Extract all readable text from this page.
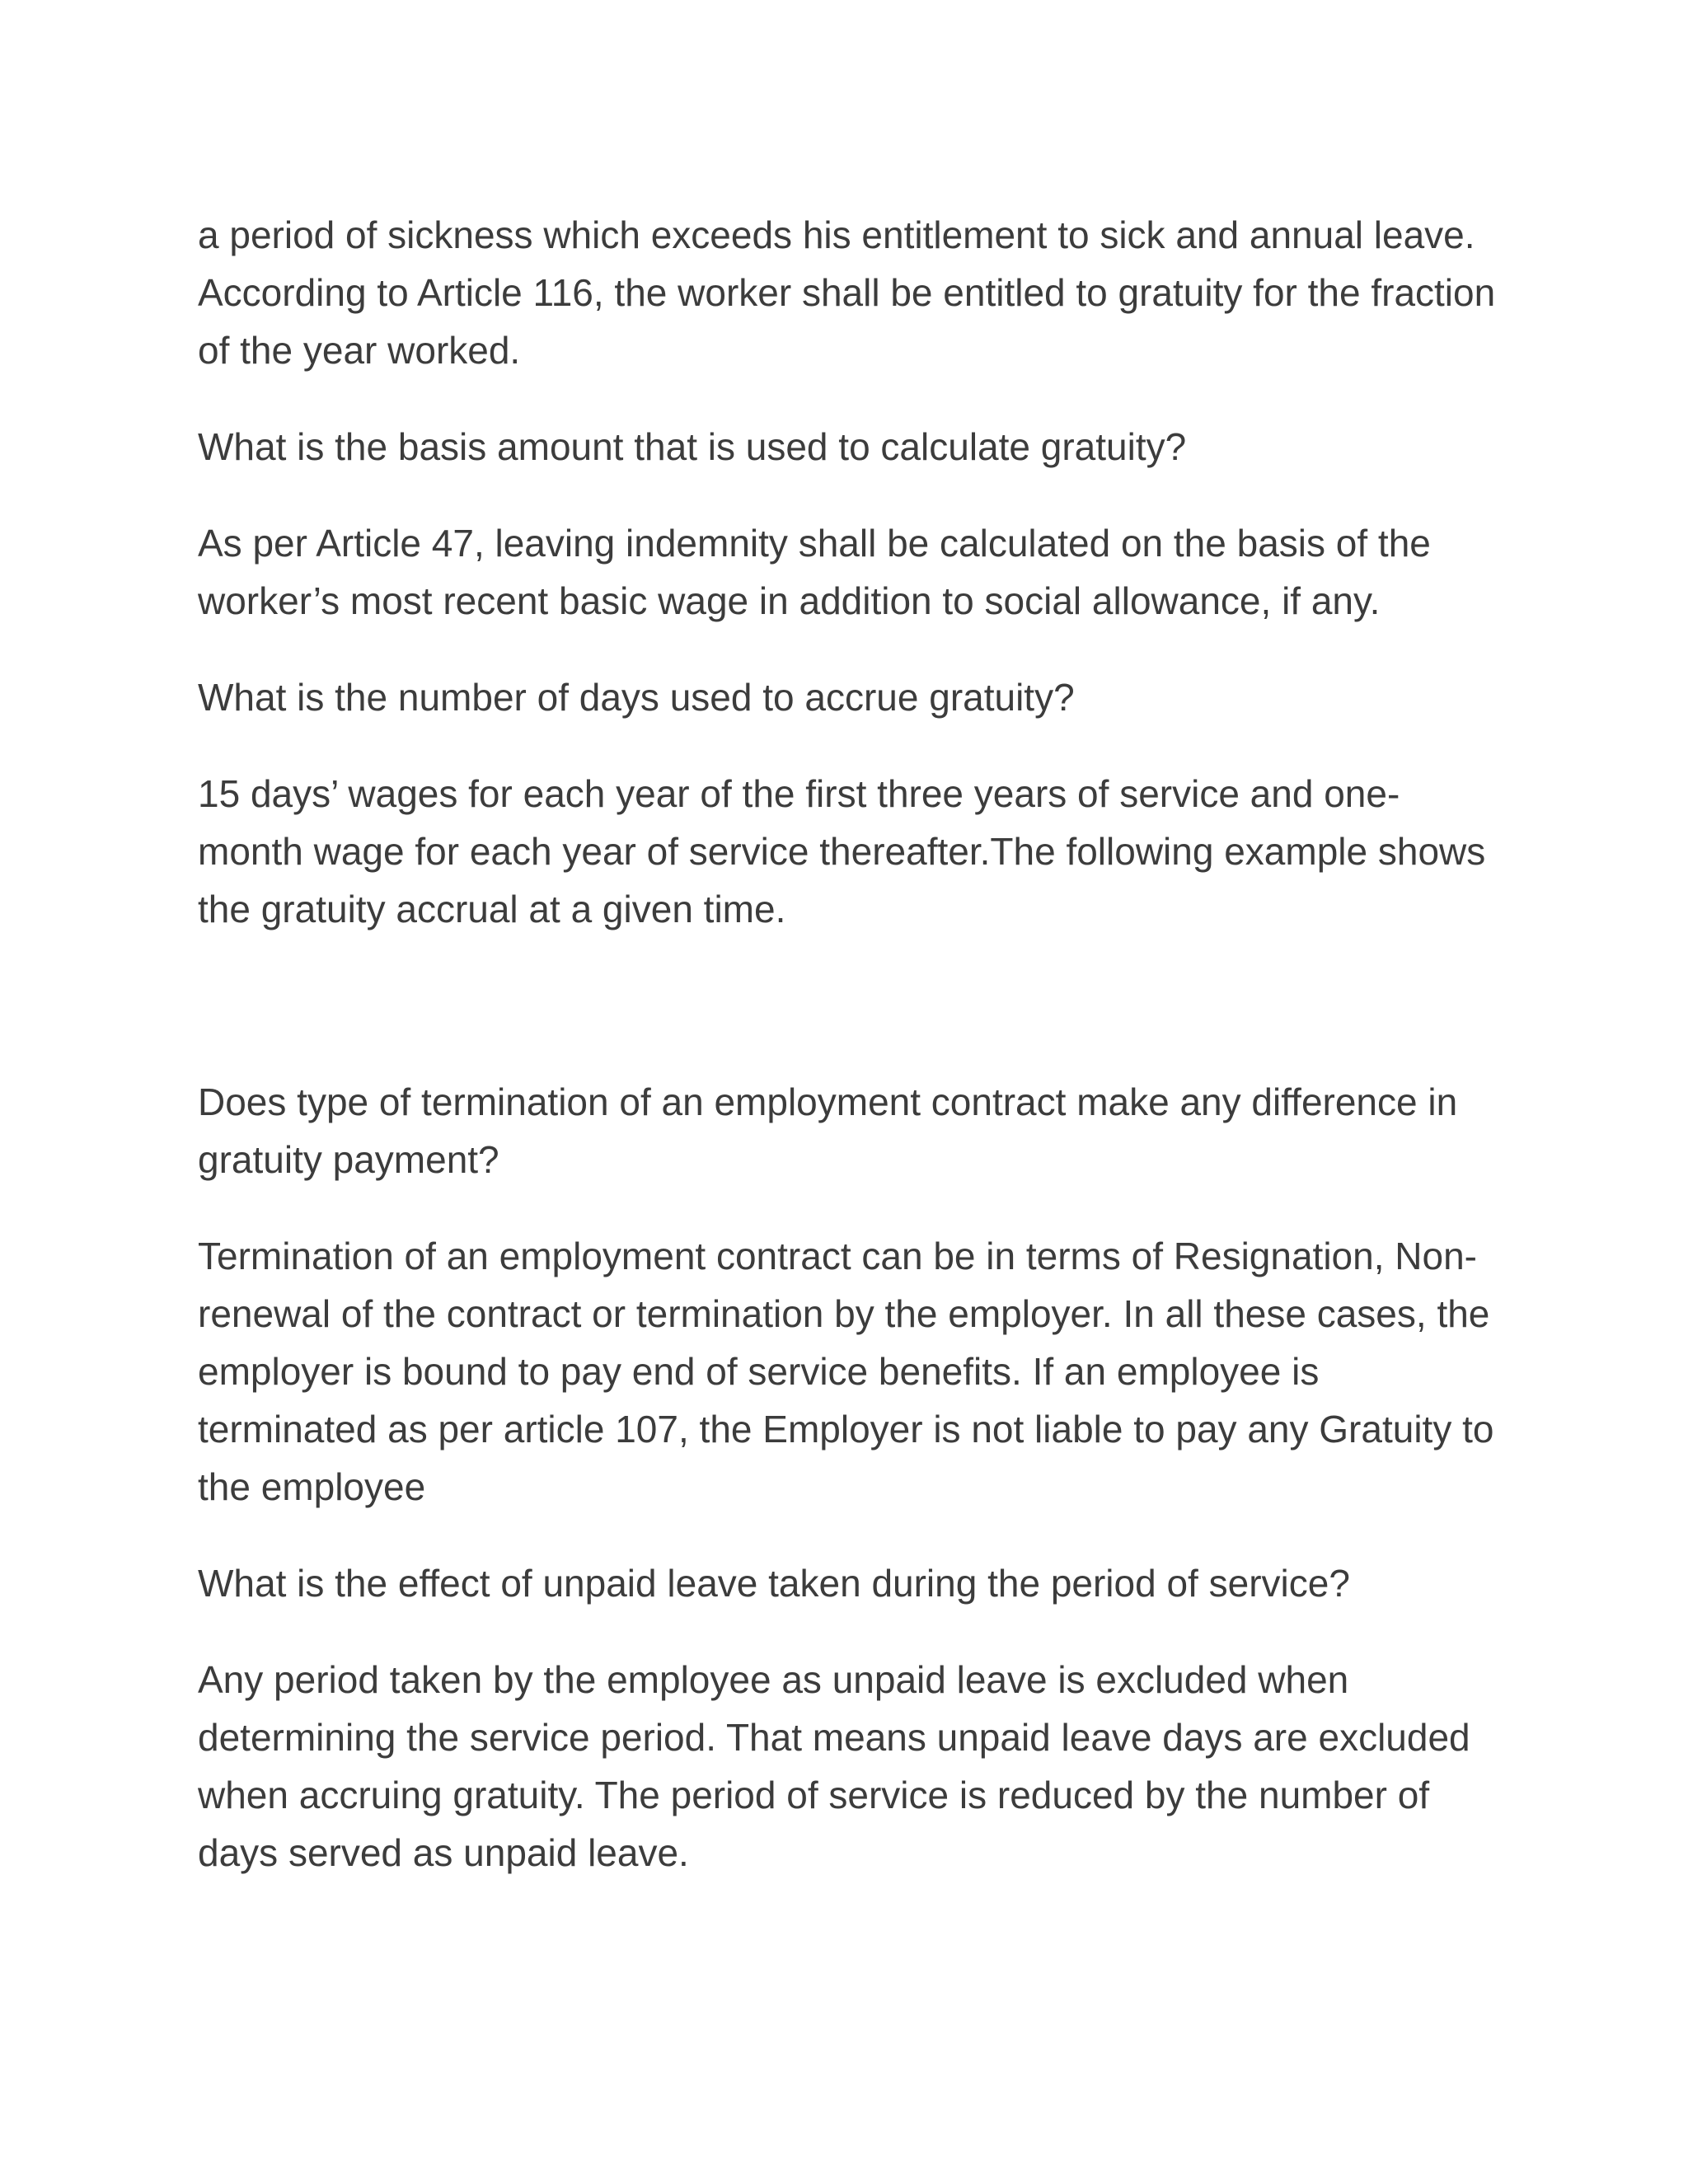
a period of sickness which exceeds his entitlement to sick and annual leave. According to Article 116, the worker shall be entitled to gratuity for the fraction of the year worked.

What is the basis amount that is used to calculate gratuity?

As per Article 47, leaving indemnity shall be calculated on the basis of the worker’s most recent basic wage in addition to social allowance, if any.

What is the number of days used to accrue gratuity?

15 days’ wages for each year of the first three years of service and one-month wage for each year of service thereafter.The following example shows the gratuity accrual at a given time.

Does type of termination of an employment contract make any difference in gratuity payment?

Termination of an employment contract can be in terms of Resignation, Non-renewal of the contract or termination by the employer. In all these cases, the employer is bound to pay end of service benefits. If an employee is terminated as per article 107, the Employer is not liable to pay any Gratuity to the employee

What is the effect of unpaid leave taken during the period of service?

Any period taken by the employee as unpaid leave is excluded when determining the service period. That means unpaid leave days are excluded when accruing gratuity. The period of service is reduced by the number of days served as unpaid leave.
